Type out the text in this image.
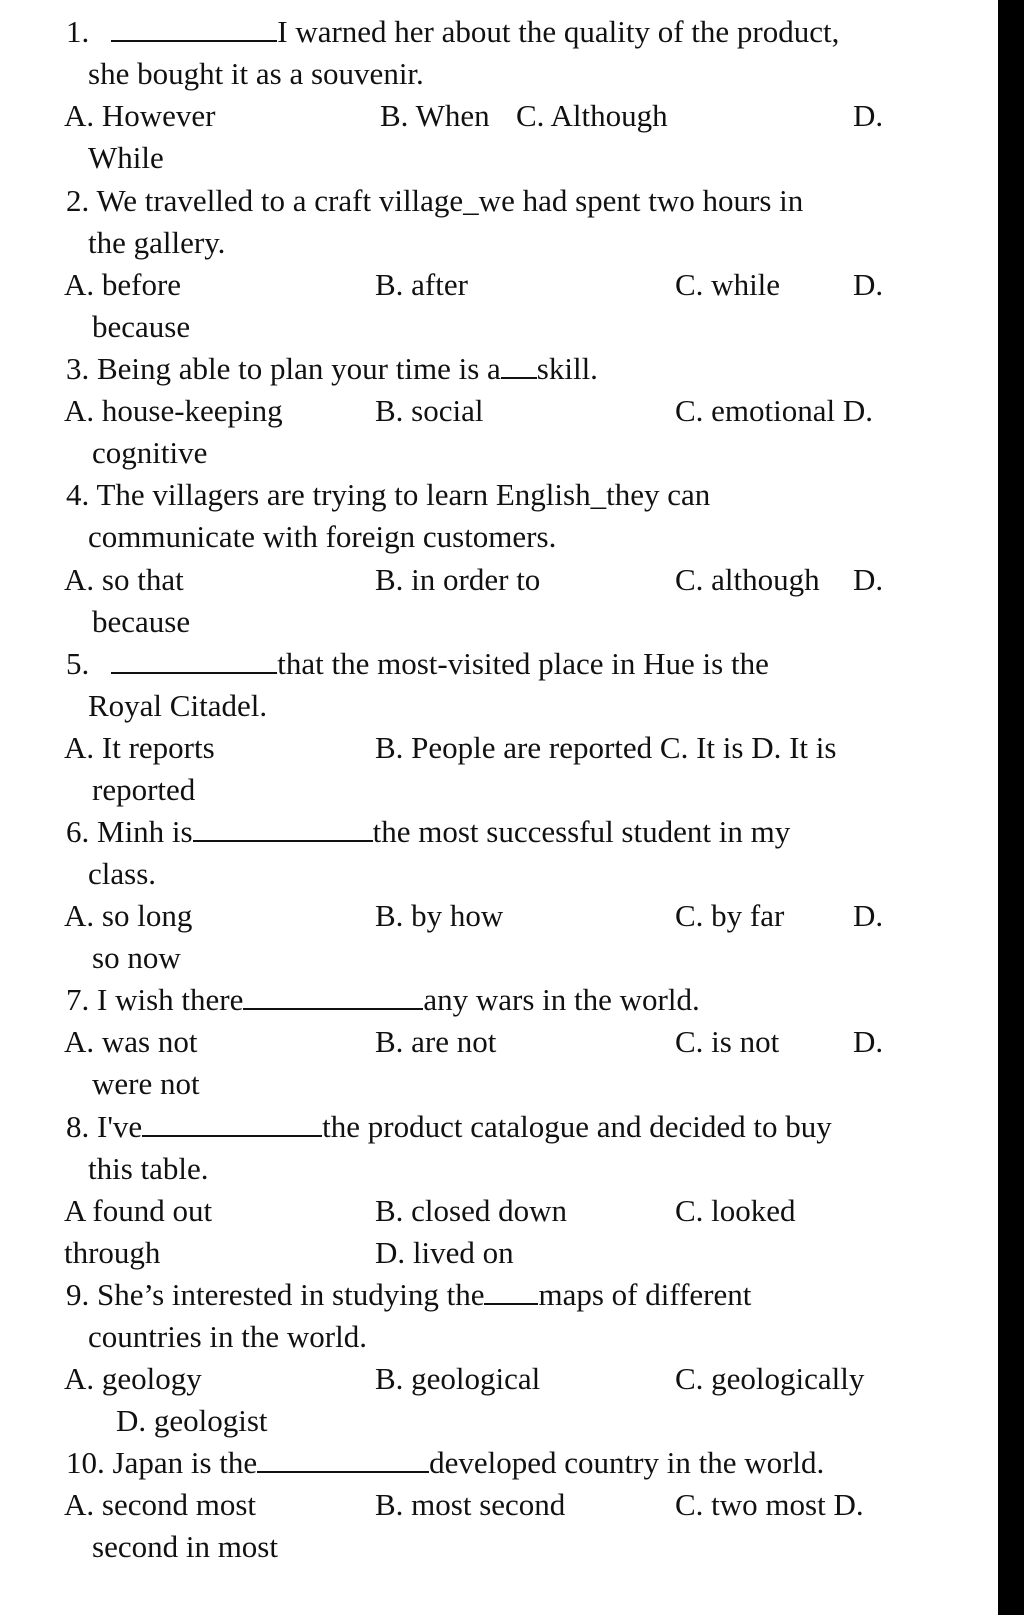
1.	I warned her about the quality of the product,
she bought it as a souvenir.
A. However	B. When C. Although	D.
While
2. We travelled to a craft village_we had spent two hours in
the gallery.
A. before	B. after	C. while D.
because
3. Being able to plan your time is a skill.
A. house-keeping	B. social	C. emotional D.
cognitive
4. The villagers are trying to learn English_they can
communicate with foreign customers.
A. so that	B. in order to	C. although D.
because
5.	that the most-visited place in Hue is the
Royal Citadel.
A. It reports	B. People are reported C. It is D. It is
reported
6. Minh is	the most successful student in my
class.
A. so long	B. by how	C. by far D.
so now
7. I wish there	any wars in the world.
A. was not	B. are not	C. is not D.
were not
8. I've	the product catalogue and decided to buy
this table.
A found out	B. closed down	C. looked
through	D. lived on
9. She’s interested in studying the maps of different
countries in the world.
A. geology	B. geological	C. geologically
D. geologist
10. Japan is the	developed country in the world.
A. second most	B. most second	C. two most D.
second in most
